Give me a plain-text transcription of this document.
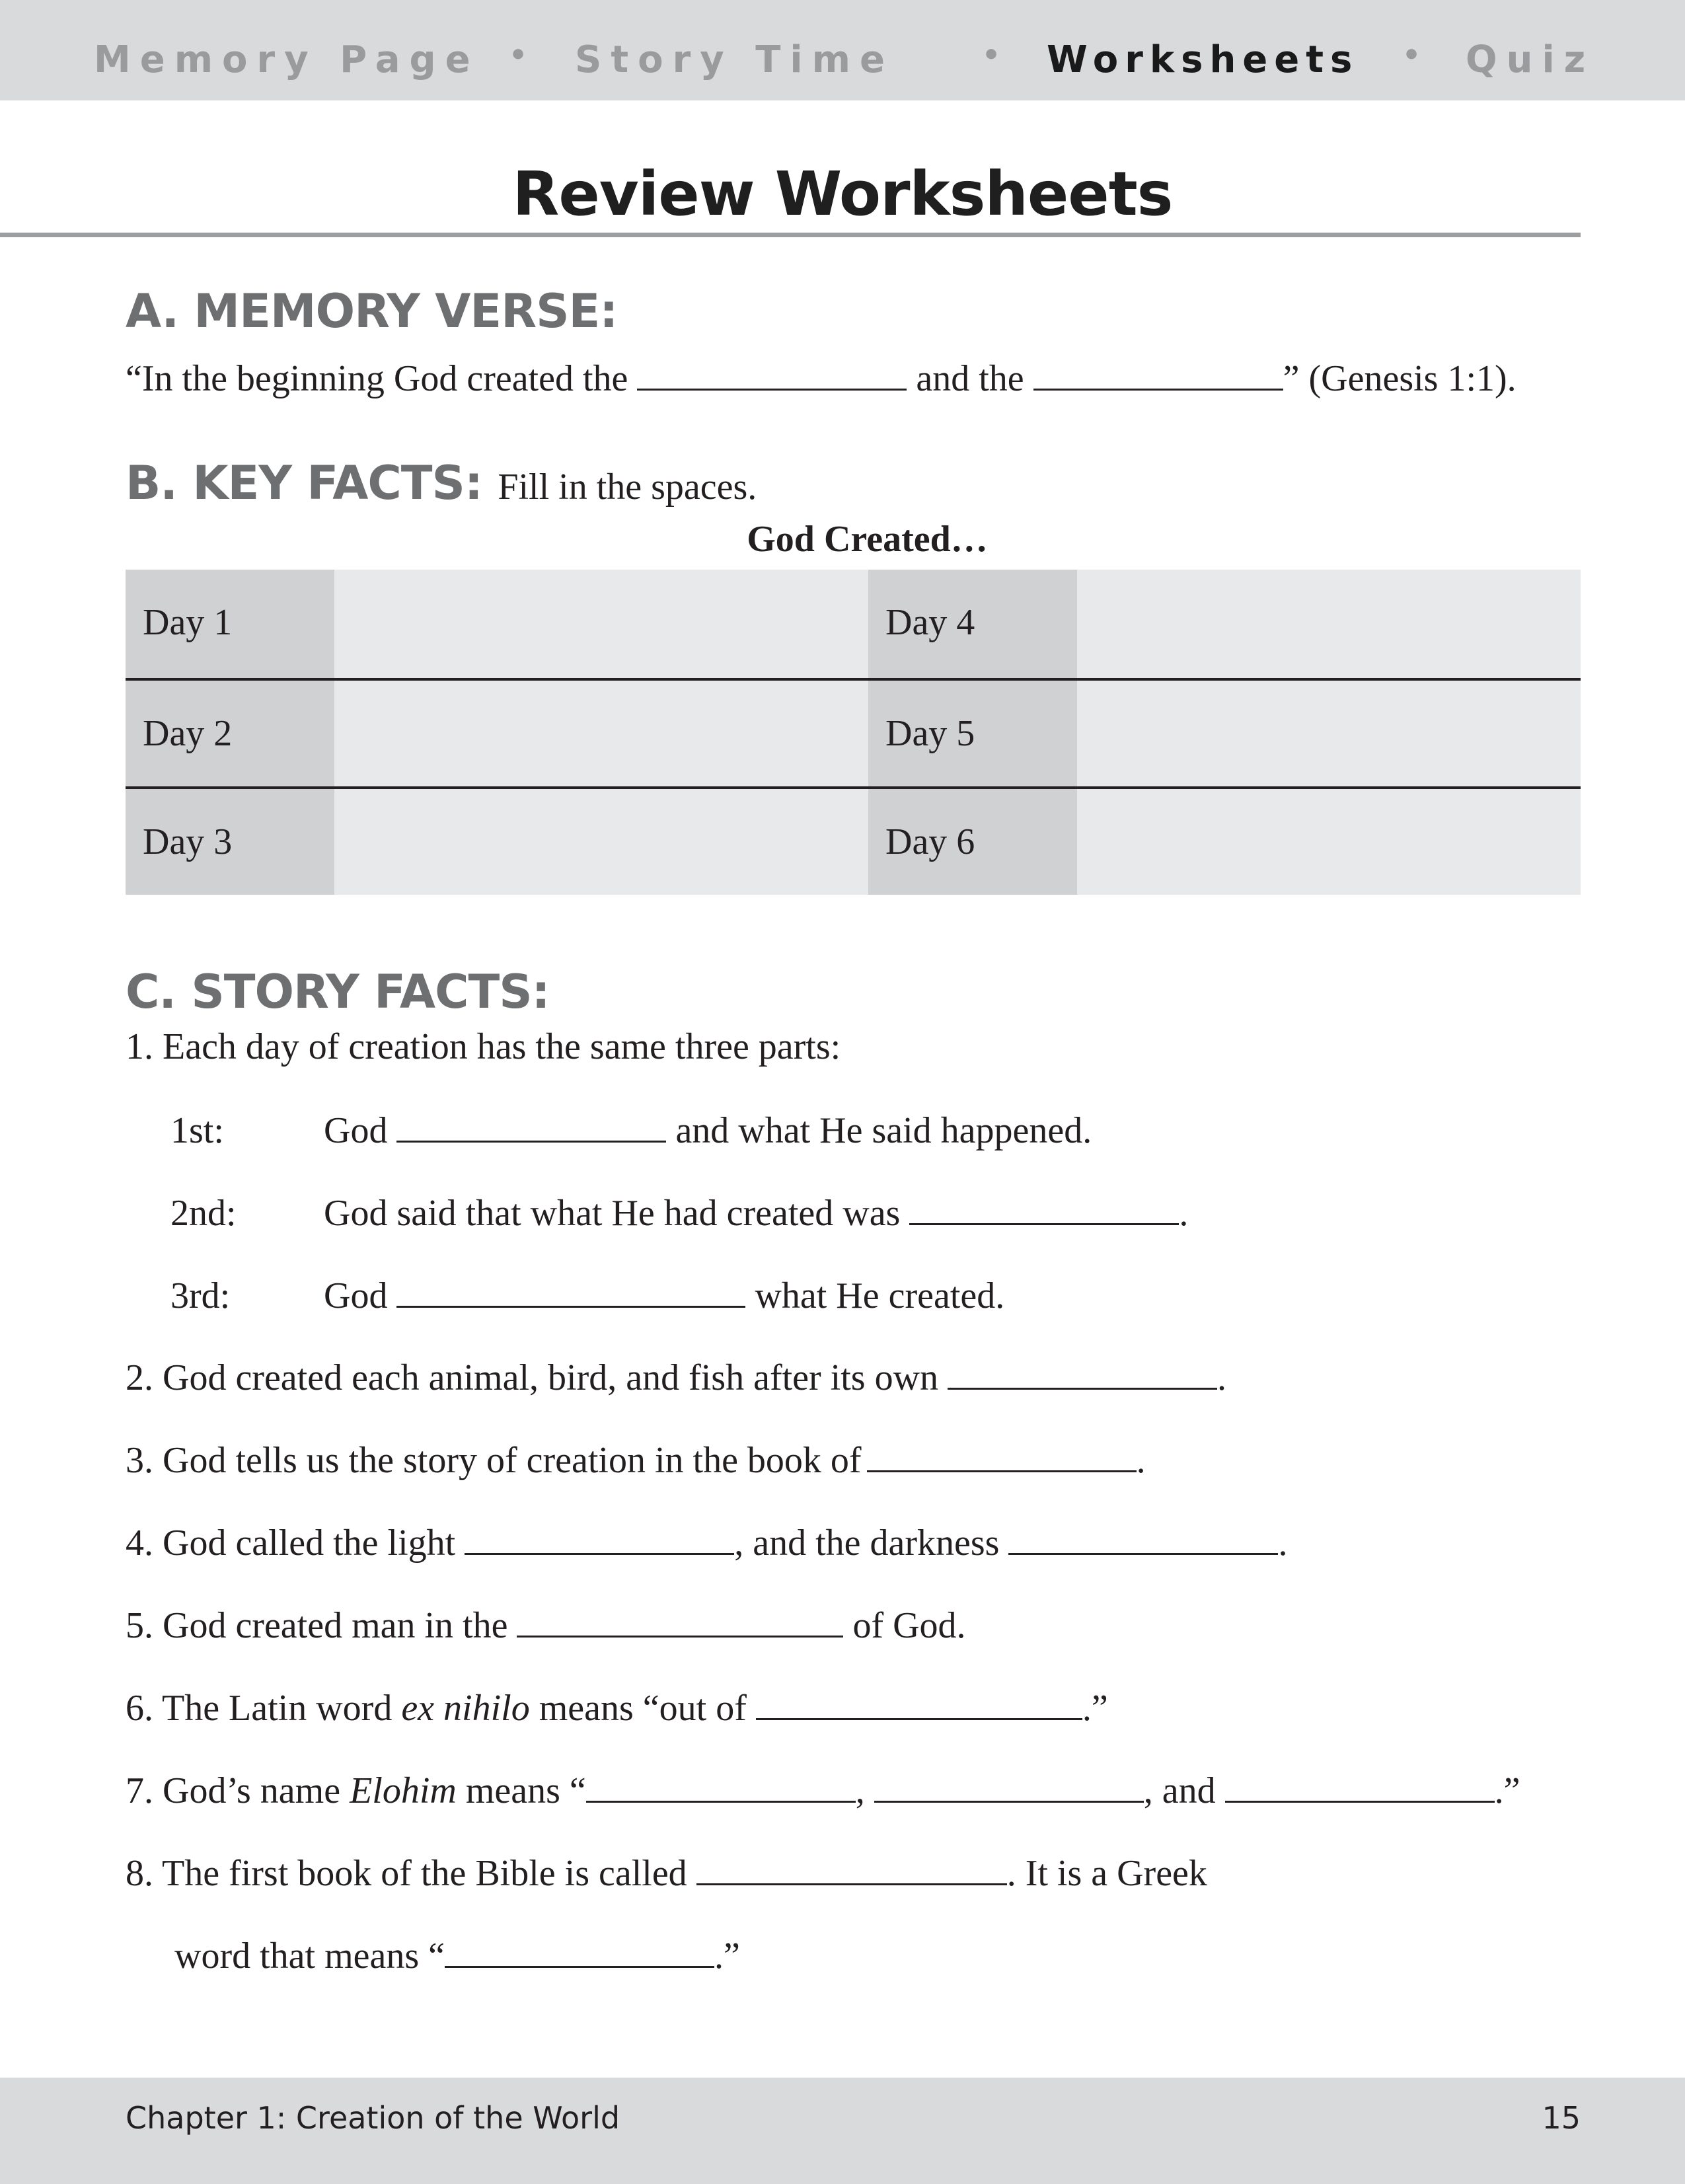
Memory Page • Story Time	• Worksheets • Quiz
Review Worksheets
A. MEMORY VERSE:
“In the beginning God created the	and the	” (Genesis 1:1).
B. KEY FACTS: Fill in the spaces.
God Created…
Day 1	Day 4
Day 2	Day 5
Day 3	Day 6
C. STORY FACTS:
1. Each day of creation has the same three parts:
1st:	God	and what He said happened.
2nd: God said that what He had created was	.
3rd:	God	what He created.
2. God created each animal, bird, and fish after its own	.
3. God tells us the story of creation in the book of	.
4. God called the light	, and the darkness	.
5. God created man in the	of God.
6. The Latin word ex nihilo means “out of	.”
7. God’s name Elohim means “	,	, and	.”
8. The first book of the Bible is called	. It is a Greek
word that means “	.”
Chapter 1: Creation of the World	15
